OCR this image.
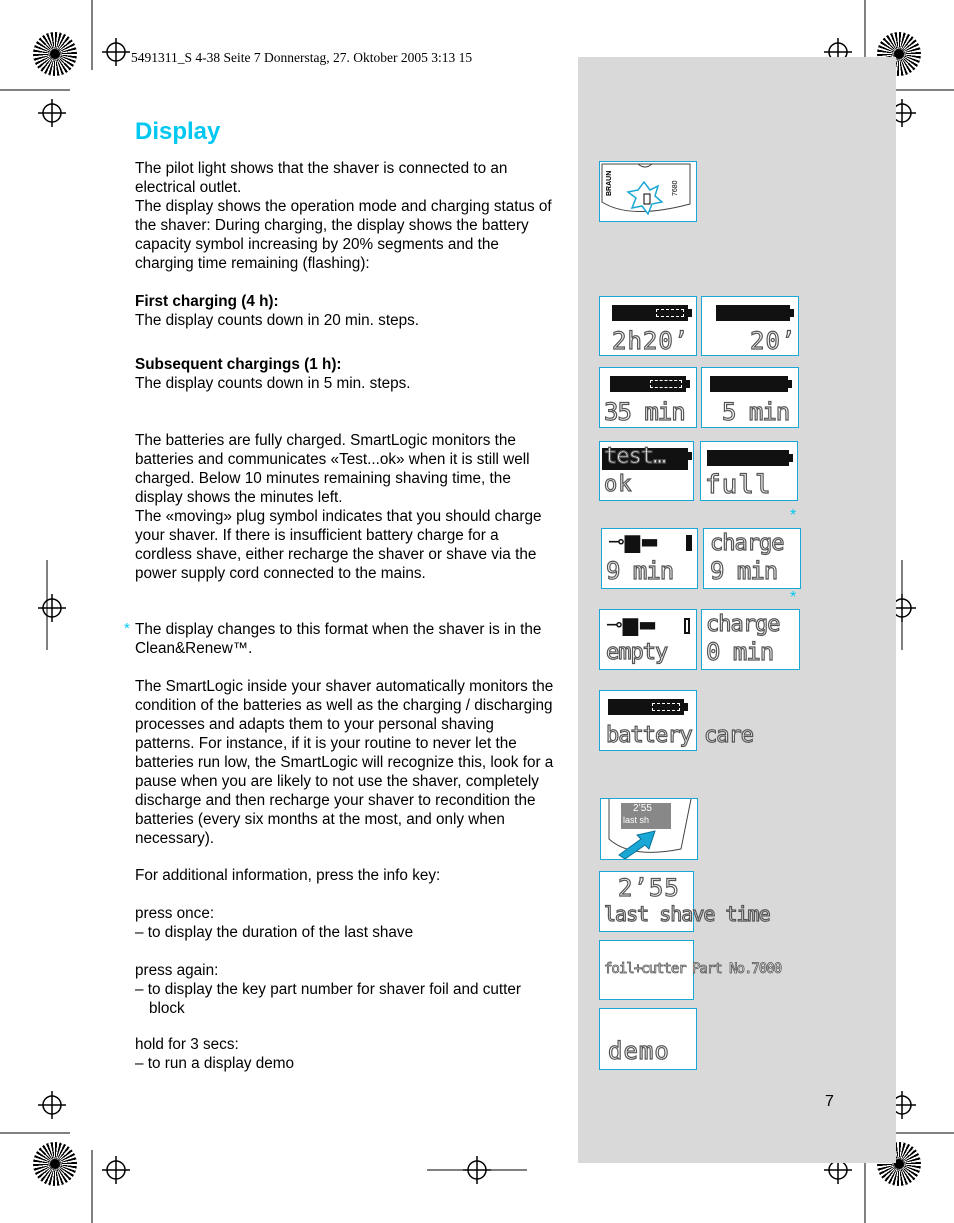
5491311_S 4-38 Seite 7 Donnerstag, 27. Oktober 2005 3:13 15
Display

The pilot light shows that the shaver is connected to an electrical outlet.

The display shows the operation mode and charging status of the shaver: During charging, the display shows the battery capacity symbol increasing by 20% segments and the charging time remaining (flashing):

First charging (4 h):

The display counts down in 20 min. steps.

Subsequent chargings (1 h):

The display counts down in 5 min. steps.

The batteries are fully charged. SmartLogic monitors the batteries and communicates «Test...ok» when it is still well charged. Below 10 minutes remaining shaving time, the display shows the minutes left.

The «moving» plug symbol indicates that you should charge your shaver. If there is insufficient battery charge for a cordless shave, either recharge the shaver or shave via the power supply cord connected to the mains.

* The display changes to this format when the shaver is in the Clean&Renew™.
The SmartLogic inside your shaver automatically monitors the condition of the batteries as well as the charging / discharging processes and adapts them to your personal shaving patterns. For instance, if it is your routine to never let the batteries run low, the SmartLogic will recognize this, look for a pause when you are likely to not use the shaver, completely discharge and then recharge your shaver to recondition the batteries (every six months at the most, and only when necessary).

For additional information, press the info key:

press once:

– to display the duration of the last shave

press again:

– to display the key part number for shaver foil and cutter block

hold for 3 secs:

– to run a display demo

BRAUN	7680
2h20’	20’
35 min 5 min
test…
ok	full
⊸▆▬
9 min
*
charge
9 min
⊸▆▬
empty
*
charge
0 min
battery care
2’55
last sh
2’55
last shave time
foil+cutter Part No.7000
demo
7
